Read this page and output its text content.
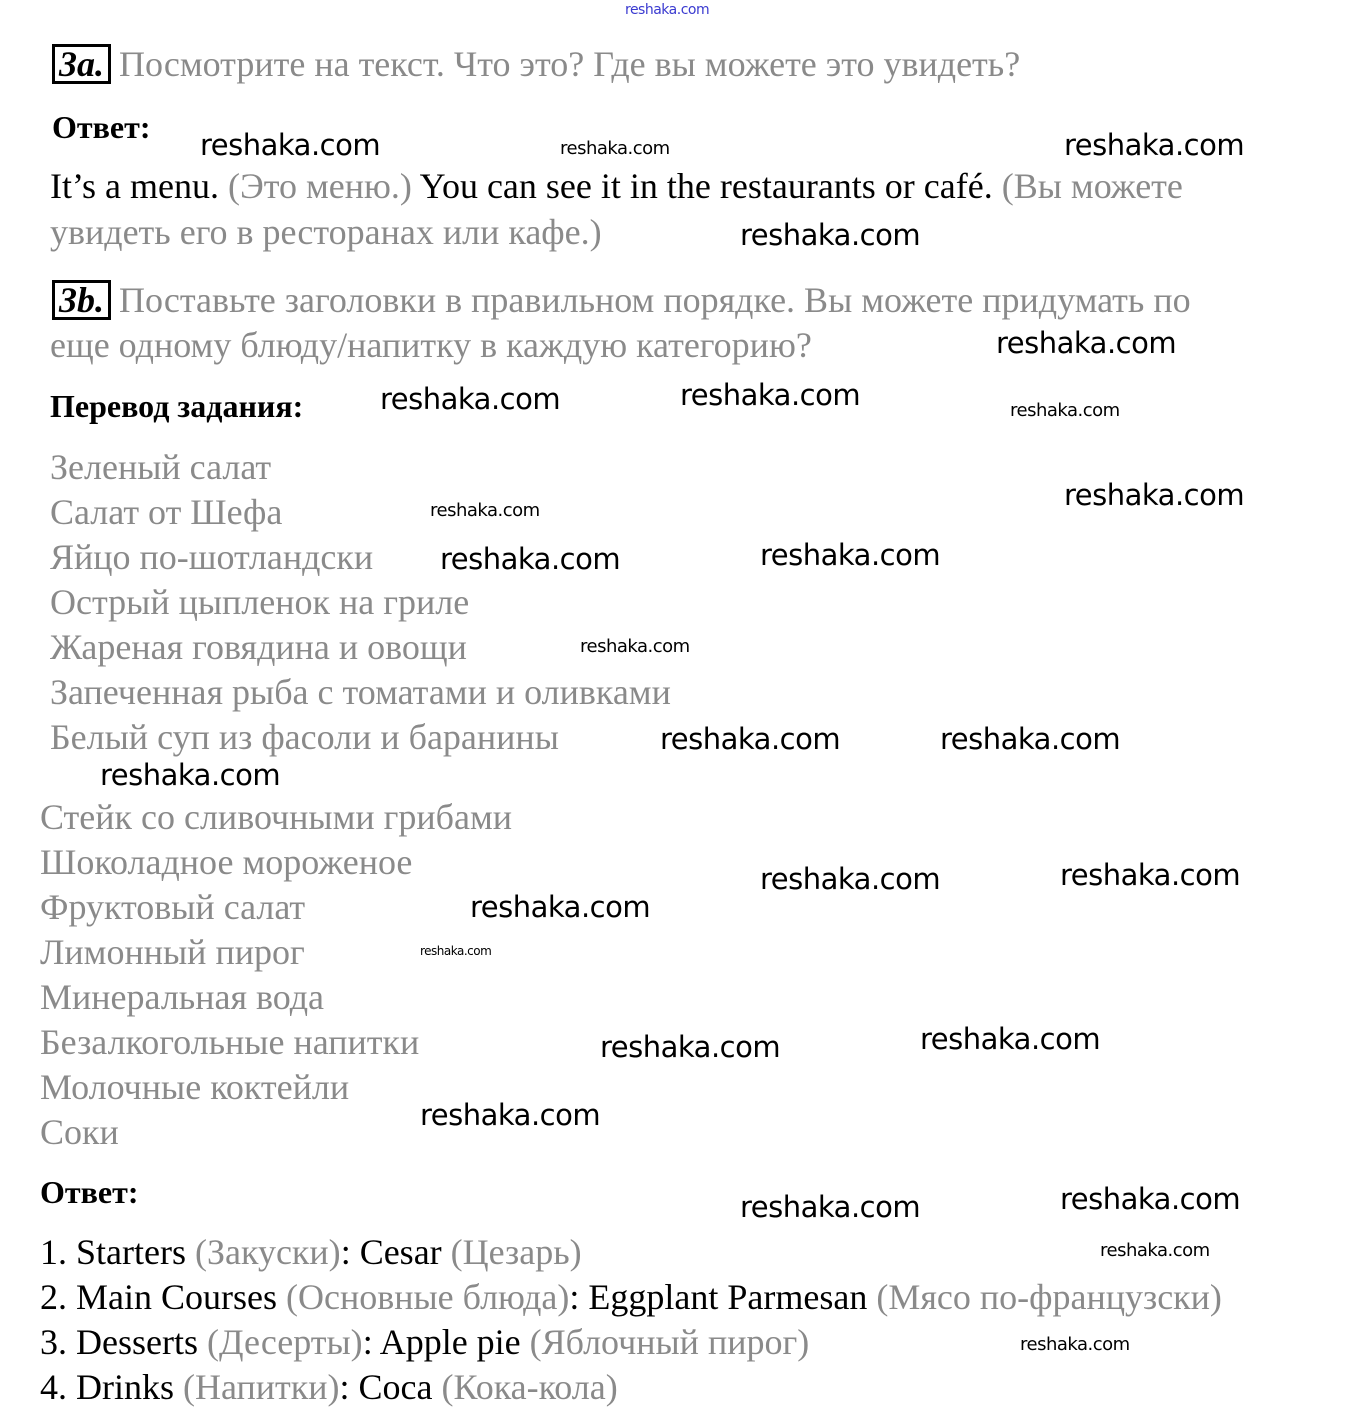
reshaka.com
3a. Посмотрите на текст. Что это? Где вы можете это увидеть?
Ответ:
It’s a menu. (Это меню.) You can see it in the restaurants or café. (Вы можете
увидеть его в ресторанах или кафе.)
3b. Поставьте заголовки в правильном порядке. Вы можете придумать по
еще одному блюду/напитку в каждую категорию?
Перевод задания:
Зеленый салат
Салат от Шефа
Яйцо по-шотландски
Острый цыпленок на гриле
Жареная говядина и овощи
Запеченная рыба с томатами и оливками
Белый суп из фасоли и баранины
Стейк со сливочными грибами
Шоколадное мороженое
Фруктовый салат
Лимонный пирог
Минеральная вода
Безалкогольные напитки
Молочные коктейли
Соки
Ответ:
1. Starters (Закуски): Cesar (Цезарь)
2. Main Courses (Основные блюда): Eggplant Parmesan (Мясо по-французски)
3. Desserts (Десерты): Apple pie (Яблочный пирог)
4. Drinks (Напитки): Coca (Кока-кола)
reshaka.com	reshaka.com	reshaka.com
reshaka.com
reshaka.com
reshaka.com
reshaka.com	reshaka.com
reshaka.com	reshaka.com
reshaka.com	reshaka.com
reshaka.com
reshaka.com	reshaka.com
reshaka.com
reshaka.com
reshaka.com	reshaka.com
reshaka.com
reshaka.com	reshaka.com
reshaka.com
reshaka.com	reshaka.com
reshaka.com
reshaka.com
